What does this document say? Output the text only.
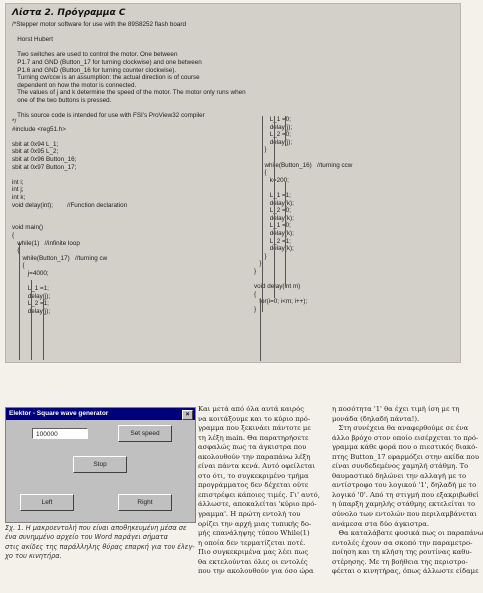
Λίστα 2. Πρόγραμμα C
/*Stepper motor software for use with the 89S8252 flash board

Horst Hubert

Two switches are used to control the motor. One between
P1.7 and GND (Button_17 for turning clockwise) and one between
P1.6 and GND (Button_16 for turning counter clockwise).
Turning cw/ccw is an assumption: the actual direction is of course
dependent on how the motor is connected.
The values of j and k determine the speed of the motor. The motor only runs when
one of the two buttons is pressed.

This source code is intended for use with FSI's ProView32 compiler
*/
#include <reg51.h>

sbit at 0x94 L_1;
sbit at 0x95 L_2;
sbit at 0x96 Button_16;
sbit at 0x97 Button_17;

int i;
int j;
int k;
void delay(int);        //Function declaration

void main()
{
while(1)   //infinite loop
{
while(Button_17)   //turning cw
{
j=4000;

L_1 =1;
delay(j);
L_2 =1;
delay(j);
L_1 =0;
delay(j);
L_2 =0;
delay(j);
}

while(Button_16)   //turning ccw
{
k=200;

L_1 =1;
delay(k);
L_2 =0;
delay(k);
L_1 =0;
delay(k);
L_2 =1;
delay(k);
}
}
}

void delay(int m)
{
for(i=0; i<m; i++);
}
Elektor - Square wave generator	×
100000	Set speed
Stop
Left	Right
Σχ. 1. Η μακροεντολή που είναι αποθηκευμένη μέσα σε
ένα συνημμένο αρχείο του Word παράγει σήματα
στις ακίδες της παράλληλης θύρας επαρκή για τον έλεγ-
χο του κινητήρα.
Και μετά από όλα αυτά καιρός
να κοιτάξουμε και το κύριο πρό-
γραμμα που ξεκινάει πάντοτε με
τη λέξη main. Θα παρατηρήσετε
ασφαλώς πως τα άγκιστρα που
ακολουθούν την παραπάνω λέξη
είναι πάντα κενά. Αυτό οφείλεται
στο ότι, το συγκεκριμένο τμήμα
προγράμματος δεν δέχεται ούτε
επιστρέφει κάποιες τιμές. Γι' αυτό,
άλλωστε, αποκαλείται 'κύριο πρό-
γραμμα'. Η πρώτη εντολή του
ορίζει την αρχή μιας τυπικής δο-
μής επανάληψης τύπου While(1)
η οποία δεν τερματίζεται ποτέ.
Πιο συγκεκριμένα μας λέει πως
θα εκτελούνται όλες οι εντολές
που την ακολουθούν για όσο ώρα
η ποσότητα '1' θα έχει τιμή ίση με τη
μονάδα (δηλαδή πάντα!).
Στη συνέχεια θα αναφερθούμε σε ένα
άλλο βρόχο στον οποίο εισέρχεται το πρό-
γραμμα κάθε φορά που ο πιεστικός διακό-
πτης Button_17 εφαρμόζει στην ακίδα που
είναι συνδεδεμένος χαμηλή στάθμη. Το
θαυμαστικό δηλώνει την αλλαγή με το
αντίστροφο του λογικού '1', δηλαδή με το
λογικό '0'. Από τη στιγμή που εξακριβωθεί
η ύπαρξη χαμηλής στάθμης εκτελείται το
σύνολο των εντολών που περιλαμβάνεται
ανάμεσα στα δύο άγκιστρα.
Θα καταλάβατε φυσικά πως οι παραπάνω
εντολές έχουν σα σκοπό την παραμετρο-
ποίηση και τη κλήση της ρουτίνας καθυ-
στέρησης. Με τη βοήθεια της περιστρο-
φέεται ο κινητήρας, όπως άλλωστε είδαμε
